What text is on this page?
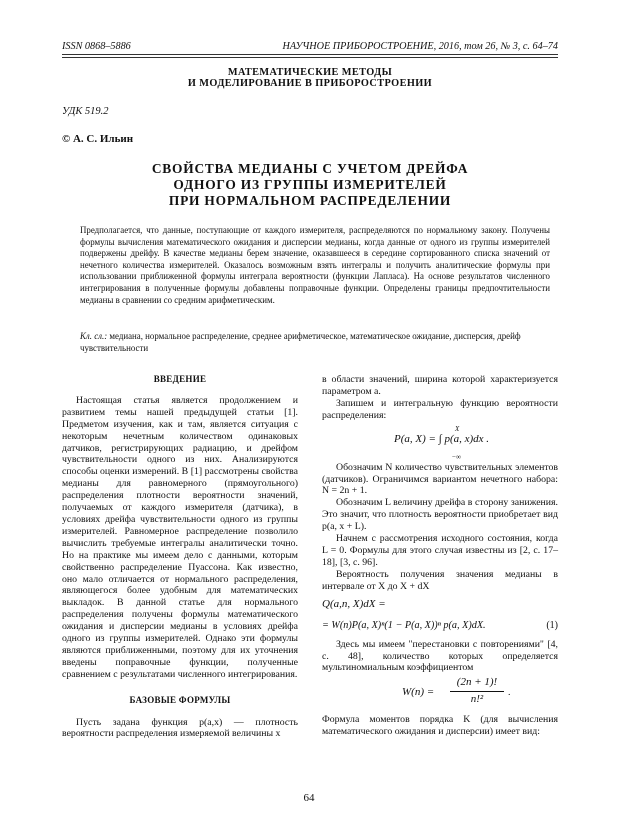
ISSN 0868–5886	НАУЧНОЕ ПРИБОРОСТРОЕНИЕ, 2016, том 26, № 3, с. 64–74
МАТЕМАТИЧЕСКИЕ МЕТОДЫ
И МОДЕЛИРОВАНИЕ В ПРИБОРОСТРОЕНИИ
УДК 519.2
© А. С. Ильин
СВОЙСТВА МЕДИАНЫ С УЧЕТОМ ДРЕЙФА
ОДНОГО ИЗ ГРУППЫ ИЗМЕРИТЕЛЕЙ
ПРИ НОРМАЛЬНОМ РАСПРЕДЕЛЕНИИ

Предполагается, что данные, поступающие от каждого измерителя, распределяются по нормальному закону. Получены формулы вычисления математического ожидания и дисперсии медианы, когда данные от одного из группы измерителей подвержены дрейфу. В качестве медианы берем значение, оказавшееся в середине сортированного списка значений от нечетного количества измерителей. Оказалось возможным взять интегралы и получить аналитические формулы при использовании приближенной формулы интеграла вероятности (функции Лапласа). На основе результатов численного интегрирования в полученные формулы добавлены поправочные функции. Определены границы предпочтительности медианы в сравнении со средним арифметическим.

Кл. сл.: медиана, нормальное распределение, среднее арифметическое, математическое ожидание, дисперсия, дрейф чувствительности
ВВЕДЕНИЕ

Настоящая статья является продолжением и развитием темы нашей предыдущей статьи [1]. Предметом изучения, как и там, является ситуация с некоторым нечетным количеством одинаковых датчиков, регистрирующих радиацию, и дрейфом чувствительности одного из них. Анализируются способы оценки измерений. В [1] рассмотрены свойства медианы для равномерного (прямоугольного) распределения плотности вероятности значений, получаемых от каждого измерителя (датчика), в условиях дрейфа чувствительности одного из группы измерителей. Равномерное распределение позволило вычислить требуемые интегралы аналитически точно. Но на практике мы имеем дело с данными, которым свойственно распределение Пуассона. Как известно, оно мало отличается от нормального распределения, являющегося более удобным для математических выкладок. В данной статье для нормального распределения получены формулы математического ожидания и дисперсии медианы в условиях дрейфа одного из группы измерителей. Однако эти формулы являются приближенными, поэтому для их уточнения введены поправочные функции, полученные сравнением с результатами численного интегрирования.

БАЗОВЫЕ ФОРМУЛЫ

Пусть задана функция p(a,x) — плотность вероятности распределения измеряемой величины x

в области значений, ширина которой характеризуется параметром a.

Запишем и интегральную функцию вероятности распределения:

P(a, X) = ∫ p(a, x)dx .
X
−∞

Обозначим N количество чувствительных элементов (датчиков). Ограничимся вариантом нечетного набора: N = 2n + 1.

Обозначим L величину дрейфа в сторону занижения. Это значит, что плотность вероятности приобретает вид p(a, x + L).

Начнем с рассмотрения исходного состояния, когда L = 0. Формулы для этого случая известны из [2, с. 17–18], [3, с. 96].

Вероятность получения значения медианы в интервале от X до X + dX

Q(a,n, X)dX =
= W(n)P(a, X)ⁿ(1 − P(a, X))ⁿ p(a, X)dX.	(1)

Здесь мы имеем "перестановки с повторениями" [4, с. 48], количество которых определяется мультиномиальным коэффициентом

W(n) =
(2n + 1)!
n!²
.

Формула моментов порядка K (для вычисления математического ожидания и дисперсии) имеет вид:

64
